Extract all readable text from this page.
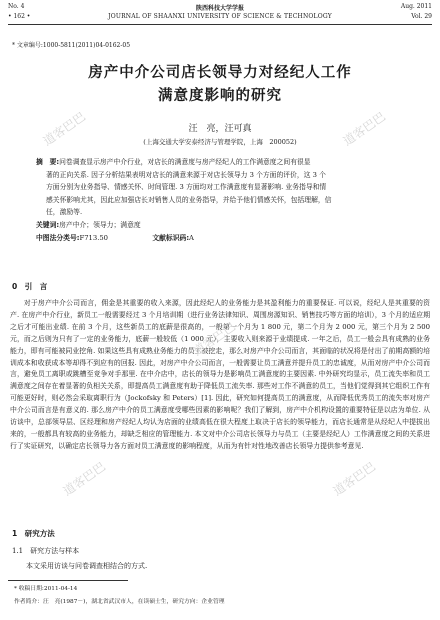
No. 4	陕西科技大学学报	Aug. 2011
• 162 •	JOURNAL OF SHAANXI UNIVERSITY OF SCIENCE & TECHNOLOGY	Vol. 29
* 文章编号:1000-5811(2011)04-0162-05
房产中介公司店长领导力对经纪人工作
满意度影响的研究
汪　亮，汪可真
(上海交通大学安泰经济与管理学院，上海　200052)
摘　要:问卷调查显示房产中介行业，对店长的满意度与房产经纪人的工作满意度之间有很显
著的正向关系. 因子分析结果表明对店长的满意来源于对店长领导力 3 个方面的评价，这 3 个
方面分别为业务指导、情感关怀、时间管理. 3 方面均对工作满意度有显著影响. 业务指导和情
感关怀影响尤其，因此应加强店长对销售人员的业务指导，并给予他们情感关怀，包括理解，信
任，激励等.
关键词:房产中介；领导力；满意度
中图法分类号:F713.50	文献标识码:A
0　引　言

对于房产中介公司而言，佣金是其重要的收入来源，因此经纪人的业务能力是其盈利能力的重要保证. 可以说，经纪人是其重要的资产. 在房产中介行业，新员工一般需要经过 3 个月培训期（进行业务法律知识、周围房源知识、销售技巧等方面的培训），3 个月的适应期之后才可能出业绩. 在前 3 个月，这些新员工的底薪是很高的，一般第一个月为 1 800 元，第二个月为 2 000 元，第三个月为 2 500 元，而之后则为只有了一定的业务能力，底薪一般较低（1 000 元），主要收入则来源于业绩提成. 一年之后，员工一般会具有成熟的业务能力，即有可能被同业挖角. 如果这些具有成熟业务能力的员工被挖走，那么对房产中介公司而言，其面临的状况将是付出了前期高额的培训成本和收获成本等却得不到应有的回报. 因此，对房产中介公司而言，一般需要让员工满意并提升员工的忠诚度，从而对房产中介公司而言，避免员工离职或跳槽至竞争对手那里. 在中介店中，店长的领导力是影响员工满意度的主要因素. 中外研究均显示，员工流失率和员工满意度之间存在着显著的负相关关系，即提高员工满意度有助于降低员工流失率. 那些对工作不满意的员工，当他们觉得到其它组织工作有可能更好时，则必然会采取离职行为（Jockofsky 和 Peters）[1]. 因此，研究如何提高员工的满意度，从而降低优秀员工的流失率对房产中介公司而言是有意义的. 那么房产中介的员工满意度受哪些因素的影响呢？我们了解到，房产中介机构设置的重要特征是以店为单位. 从访谈中，总部领导层、区经理和房产经纪人均认为店面的业绩高低在很大程度上取决于店长的领导能力，而店长通常是从经纪人中提拔出来的，一般都具有较高的业务能力，却缺乏相应的管理能力. 本文对中介公司店长领导力与员工（主要是经纪人）工作满意度之间的关系进行了实证研究，以确定店长领导力各方面对员工满意度的影响程度，从而为有针对性地改善店长领导力提供参考意见.

1　研究方法
1.1　研究方法与样本
本文采用访谈与问卷调查相结合的方式.
* 收稿日期:2011-04-14
作者简介：汪　亮(1987－)，湖北省武汉市人，在读硕士生，研究方向：企业管理
道客巴巴	道客巴巴
道客巴巴
道客巴巴	道客巴巴
